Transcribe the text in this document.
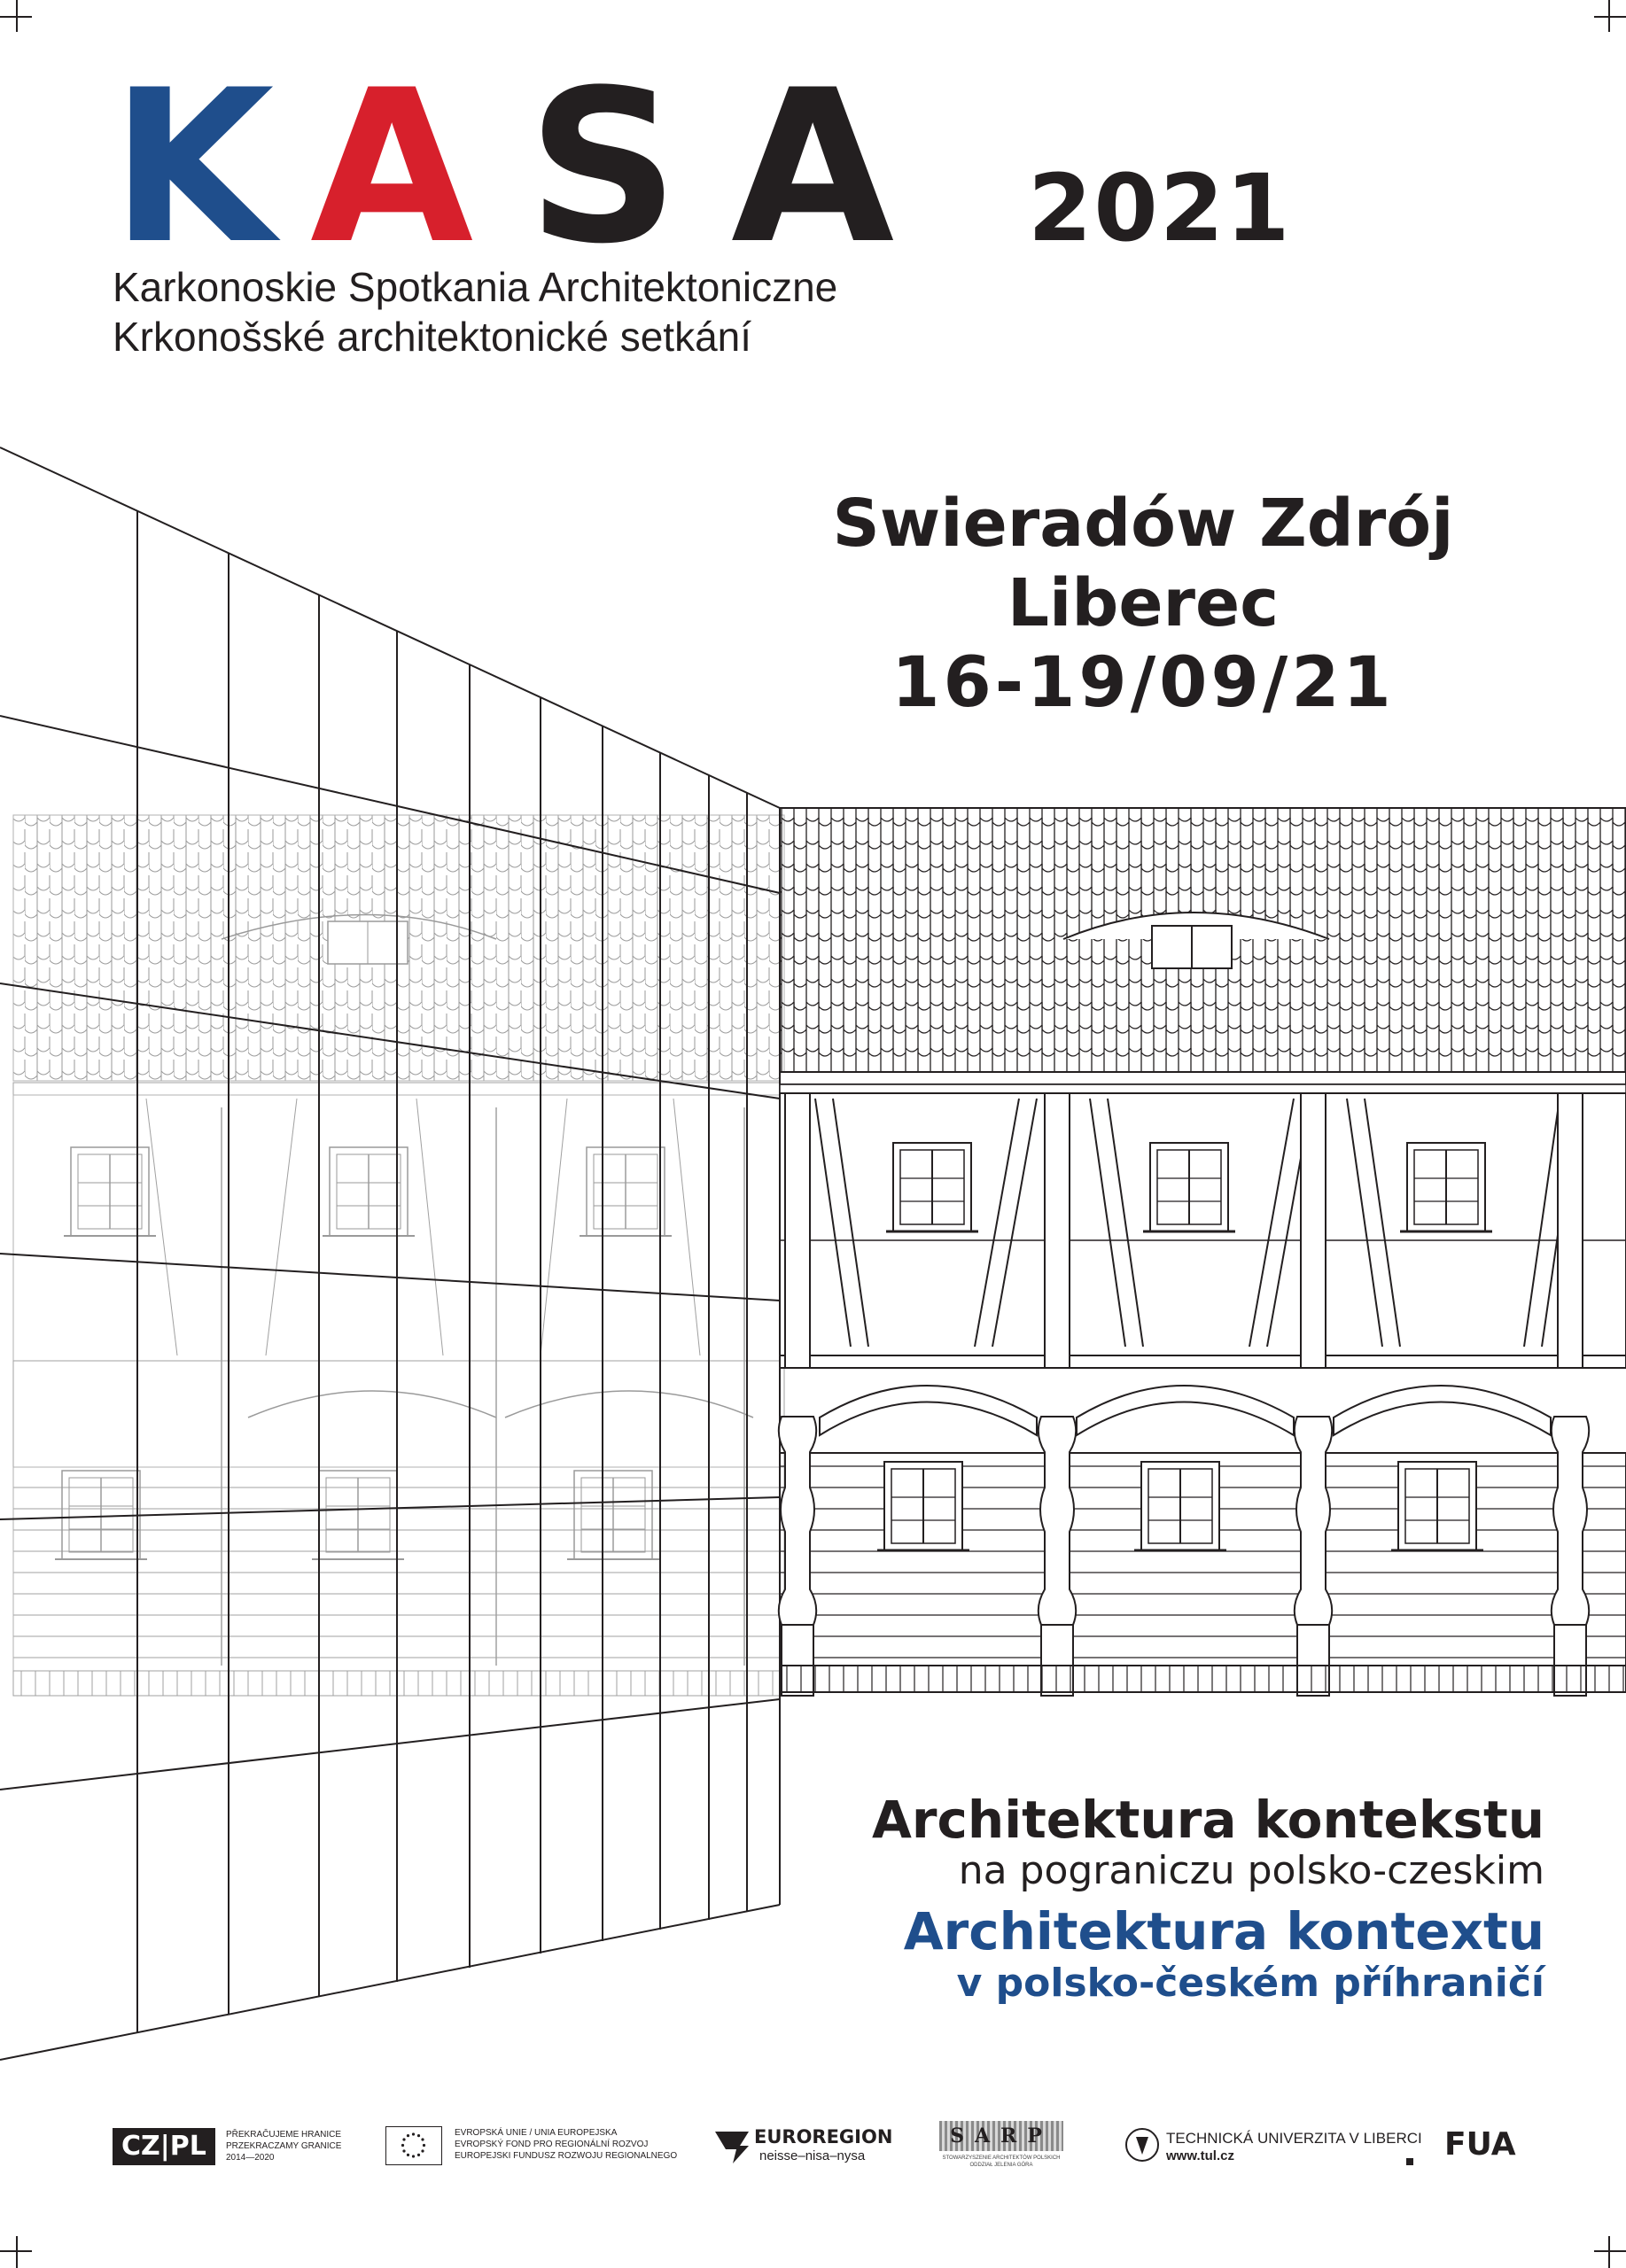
K A S A 2021
Karkonoskie Spotkania Architektoniczne
Krkonošské architektonické setkání
Swieradów Zdrój
Liberec
16-19/09/21
Architektura kontekstu
na pograniczu polsko-czeskim
Architektura kontextu
v polsko-českém příhraničí
CZ|PL	PŘEKRAČUJEME HRANICE
PRZEKRACZAMY GRANICE
2014—2020
EVROPSKÁ UNIE / UNIA EUROPEJSKA
EVROPSKÝ FOND PRO REGIONÁLNÍ ROZVOJ
EUROPEJSKI FUNDUSZ ROZWOJU REGIONALNEGO
EUROREGION
neisse–nisa–nysa
SARP
STOWARZYSZENIE ARCHITEKTÓW POLSKICH
ODDZIAŁ JELENIA GÓRA
TECHNICKÁ UNIVERZITA V LIBERCI
www.tul.cz	FUA
